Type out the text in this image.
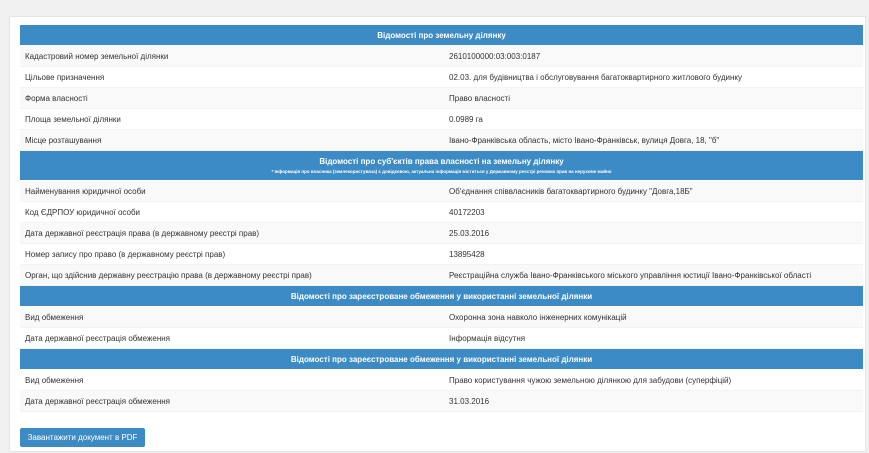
Відомості про земельну ділянку	
Кадастровий номер земельної ділянки	2610100000:03:003:0187
Цільове призначення	02.03. для будівництва і обслуговування багатоквартирного житлового будинку
Форма власності	Право власності
Площа земельної ділянки	0.0989 га
Місце розташування	Івано-Франківська область, місто Івано-Франківськ, вулиця Довга, 18, "б"

Відомості про суб'єктів права власності на земельну ділянку
* Інформація про власника (землекористувача) є довідковою, актуальна інформація міститься у Державному реєстрі речових прав на нерухоме майно	

Найменування юридичної особи	Об'єднання співвласників багатоквартирного будинку "Довга,18Б"
Код ЄДРПОУ юридичної особи	40172203
Дата державної реєстрація права (в державному реєстрі прав)	25.03.2016
Номер запису про право (в державному реєстрі прав)	13895428
Орган, що здійснив державну реєстрацію права (в державному реєстрі прав)	Реєстраційна служба Івано-Франківського міського управління юстиції Івано-Франківської області
Відомості про зареєстроване обмеження у використанні земельної ділянки	
Вид обмеження	Охоронна зона навколо інженерних комунікацій
Дата державної реєстрація обмеження	Інформація відсутня
Відомості про зареєстроване обмеження у використанні земельної ділянки	
Вид обмеження	Право користування чужою земельною ділянкою для забудови (суперфіцій)
Дата державної реєстрація обмеження	31.03.2016
Завантажити документ в PDF
